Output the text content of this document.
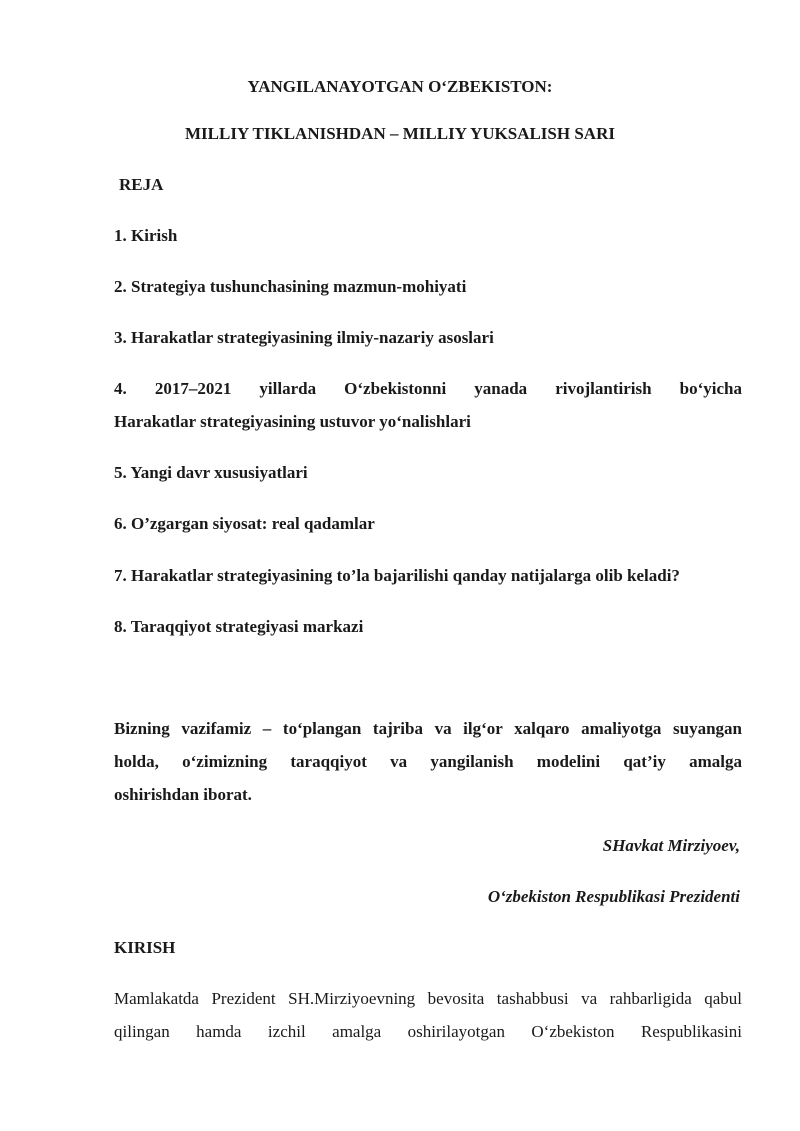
YANGILANAYOTGAN O‘ZBEKISTON:
MILLIY TIKLANISHDAN – MILLIY YUKSALISH SARI
REJA
1. Kirish
2. Strategiya tushunchasining mazmun-mohiyati
3. Harakatlar strategiyasining ilmiy-nazariy asoslari
4. 2017–2021 yillarda O‘zbekistonni yanada rivojlantirish bo‘yicha
Harakatlar strategiyasining ustuvor yo‘nalishlari
5. Yangi davr xususiyatlari
6. O’zgargan siyosat: real qadamlar
7. Harakatlar strategiyasining to’la bajarilishi qanday natijalarga olib keladi?
8. Taraqqiyot strategiyasi markazi
Bizning vazifamiz – to‘plangan tajriba va ilg‘or xalqaro amaliyotga suyangan
holda, o‘zimizning taraqqiyot va yangilanish modelini qat’iy amalga
oshirishdan iborat.
SHavkat Mirziyoev,
O‘zbekiston Respublikasi Prezidenti
KIRISH
Mamlakatda Prezident SH.Mirziyoevning bevosita tashabbusi va rahbarligida qabul
qilingan hamda izchil amalga oshirilayotgan O‘zbekiston Respublikasini
